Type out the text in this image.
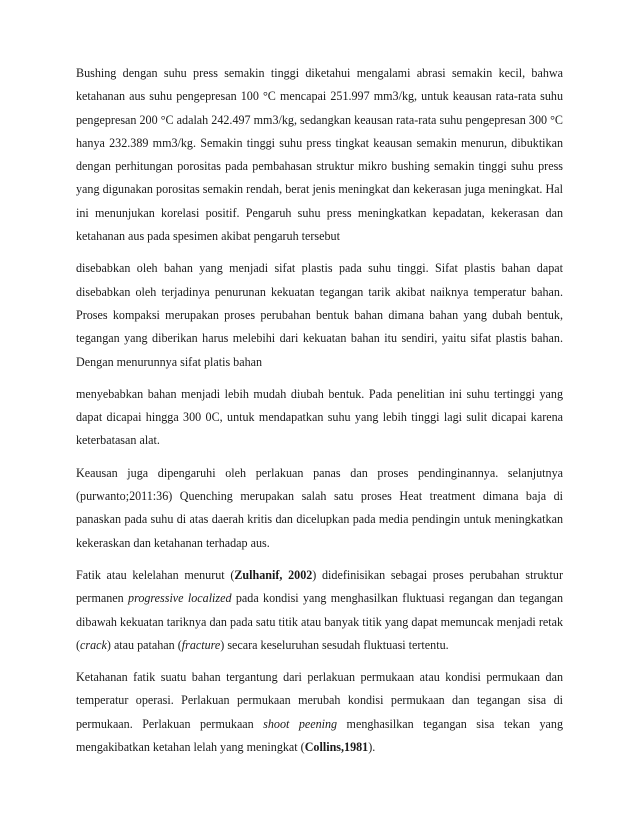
Bushing dengan suhu press semakin tinggi diketahui mengalami abrasi semakin kecil, bahwa ketahanan aus suhu pengepresan 100 °C mencapai 251.997 mm3/kg, untuk keausan rata-rata suhu pengepresan 200 °C adalah 242.497 mm3/kg, sedangkan keausan rata-rata suhu pengepresan 300 °C hanya 232.389 mm3/kg. Semakin tinggi suhu press tingkat keausan semakin menurun, dibuktikan dengan perhitungan porositas pada pembahasan struktur mikro bushing semakin tinggi suhu press yang digunakan porositas semakin rendah, berat jenis meningkat dan kekerasan juga meningkat. Hal ini menunjukan korelasi positif. Pengaruh suhu press meningkatkan kepadatan, kekerasan dan ketahanan aus pada spesimen akibat pengaruh tersebut

disebabkan oleh bahan yang menjadi sifat plastis pada suhu tinggi. Sifat plastis bahan dapat disebabkan oleh terjadinya penurunan kekuatan tegangan tarik akibat naiknya temperatur bahan. Proses kompaksi merupakan proses perubahan bentuk bahan dimana bahan yang dubah bentuk, tegangan yang diberikan harus melebihi dari kekuatan bahan itu sendiri, yaitu sifat plastis bahan. Dengan menurunnya sifat platis bahan

menyebabkan bahan menjadi lebih mudah diubah bentuk. Pada penelitian ini suhu tertinggi yang dapat dicapai hingga 300 0C, untuk mendapatkan suhu yang lebih tinggi lagi sulit dicapai karena keterbatasan alat.

Keausan juga dipengaruhi oleh perlakuan panas dan proses pendinginannya. selanjutnya (purwanto;2011:36) Quenching merupakan salah satu proses Heat treatment dimana baja di panaskan pada suhu di atas daerah kritis dan dicelupkan pada media pendingin untuk meningkatkan kekeraskan dan ketahanan terhadap aus.

Fatik atau kelelahan menurut (Zulhanif, 2002) didefinisikan sebagai proses perubahan struktur permanen progressive localized pada kondisi yang menghasilkan fluktuasi regangan dan tegangan dibawah kekuatan tariknya dan pada satu titik atau banyak titik yang dapat memuncak menjadi retak (crack) atau patahan (fracture) secara keseluruhan sesudah fluktuasi tertentu.

Ketahanan fatik suatu bahan tergantung dari perlakuan permukaan atau kondisi permukaan dan temperatur operasi. Perlakuan permukaan merubah kondisi permukaan dan tegangan sisa di permukaan. Perlakuan permukaan shoot peening menghasilkan tegangan sisa tekan yang mengakibatkan ketahan lelah yang meningkat (Collins,1981).
